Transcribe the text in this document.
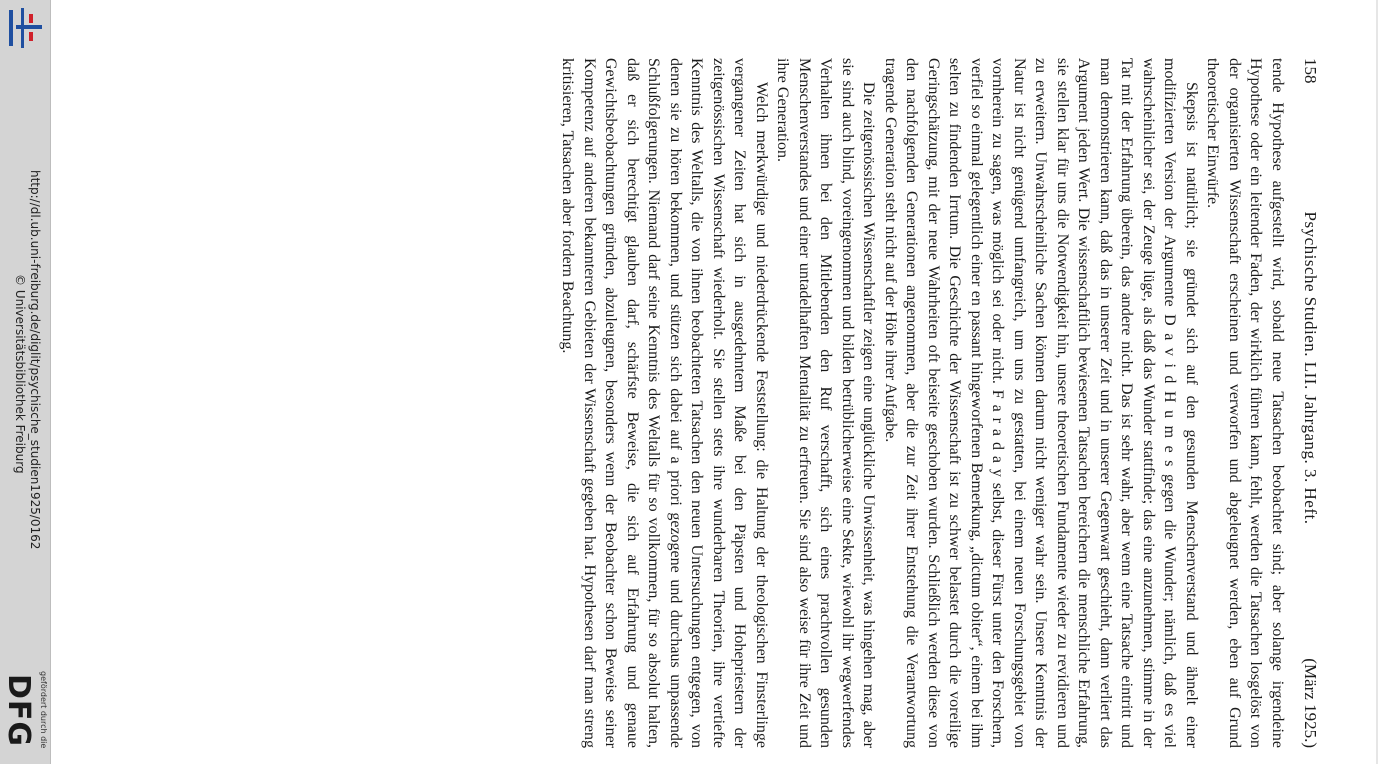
http://dl.ub.uni-freiburg.de/diglit/psychische_studien1925/0162
© Universitätsbibliothek Freiburg
gefördert durch die
DFG
158
Psychische Studien. LII. Jahrgang. 3. Heft.
(März 1925.)

tende Hypothese aufgestellt wird, sobald neue Tatsachen beobachtet sind; aber solange irgendeine Hypothese oder ein leitender Faden, der wirklich führen kann, fehlt, werden die Tatsachen losgelöst von der organisierten Wissenschaft erscheinen und verworfen und abgeleugnet werden, eben auf Grund theoretischer Einwürfe.

Skepsis ist natürlich; sie gründet sich auf den gesunden Menschenverstand und ähnelt einer modifizierten Version der Argumente D a v i d H u m e s gegen die Wunder; nämlich, daß es viel wahrscheinlicher sei, der Zeuge lüge, als daß das Wunder stattfinde; das eine anzunehmen, stimme in der Tat mit der Erfahrung überein, das andere nicht. Das ist sehr wahr, aber wenn eine Tatsache eintritt und man demonstrieren kann, daß das in unserer Zeit und in unserer Gegenwart geschieht, dann verliert das Argument jeden Wert. Die wissenschaftlich bewiesenen Tatsachen bereichern die menschliche Erfahrung, sie stellen klar für uns die Notwendigkeit hin, unsere theoretischen Fundamente wieder zu revidieren und zu erweitern. Unwahrscheinliche Sachen können darum nicht weniger wahr sein. Unsere Kenntnis der Natur ist nicht genügend umfangreich, um uns zu gestatten, bei einem neuen Forschungsgebiet von vornherein zu sagen, was möglich sei oder nicht. F a r a d a y selbst, dieser Fürst unter den Forschern, verfiel so einmal gelegentlich einer en passant hingeworfenen Bemerkung, „dictum obiter“, einem bei ihm selten zu findenden Irrtum. Die Geschichte der Wissenschaft ist zu schwer belastet durch die voreilige Geringschätzung, mit der neue Wahrheiten oft beiseite geschoben wurden. Schließlich werden diese von den nachfolgenden Generationen angenommen, aber die zur Zeit ihrer Entstehung die Verantwortung tragende Generation steht nicht auf der Höhe ihrer Aufgabe.

Die zeitgenössischen Wissenschaftler zeigen eine unglückliche Unwissenheit, was hingehen mag, aber sie sind auch blind, voreingenommen und bilden betrüblicherweise eine Sekte, wiewohl ihr wegwerfendes Verhalten ihnen bei den Mitlebenden den Ruf verschafft, sich eines prachtvollen gesunden Menschenverstandes und einer untadelhaften Mentalität zu erfreuen. Sie sind also weise für ihre Zeit und ihre Generation.

Welch merkwürdige und niederdrückende Feststellung: die Haltung der theologischen Finsterlinge vergangener Zeiten hat sich in ausgedehntem Maße bei den Päpsten und Hohepriestern der zeitgenössischen Wissenschaft wiederholt. Sie stellen stets ihre wunderbaren Theorien, ihre vertiefte Kenntnis des Weltalls, die von ihnen beobachteten Tatsachen den neuen Untersuchungen entgegen, von denen sie zu hören bekommen, und stützen sich dabei auf a priori gezogene und durchaus unpassende Schlußfolgerungen. Niemand darf seine Kenntnis des Weltalls für so vollkommen, für so absolut halten, daß er sich berechtigt glauben darf, schärfste Beweise, die sich auf Erfahrung und genaue Gewichtsbeobachtungen gründen, abzuleugnen, besonders wenn der Beobachter schon Beweise seiner Kompetenz auf anderen bekannteren Gebieten der Wissenschaft gegeben hat. Hypothesen darf man streng kritisieren, Tatsachen aber fordern Beachtung.
